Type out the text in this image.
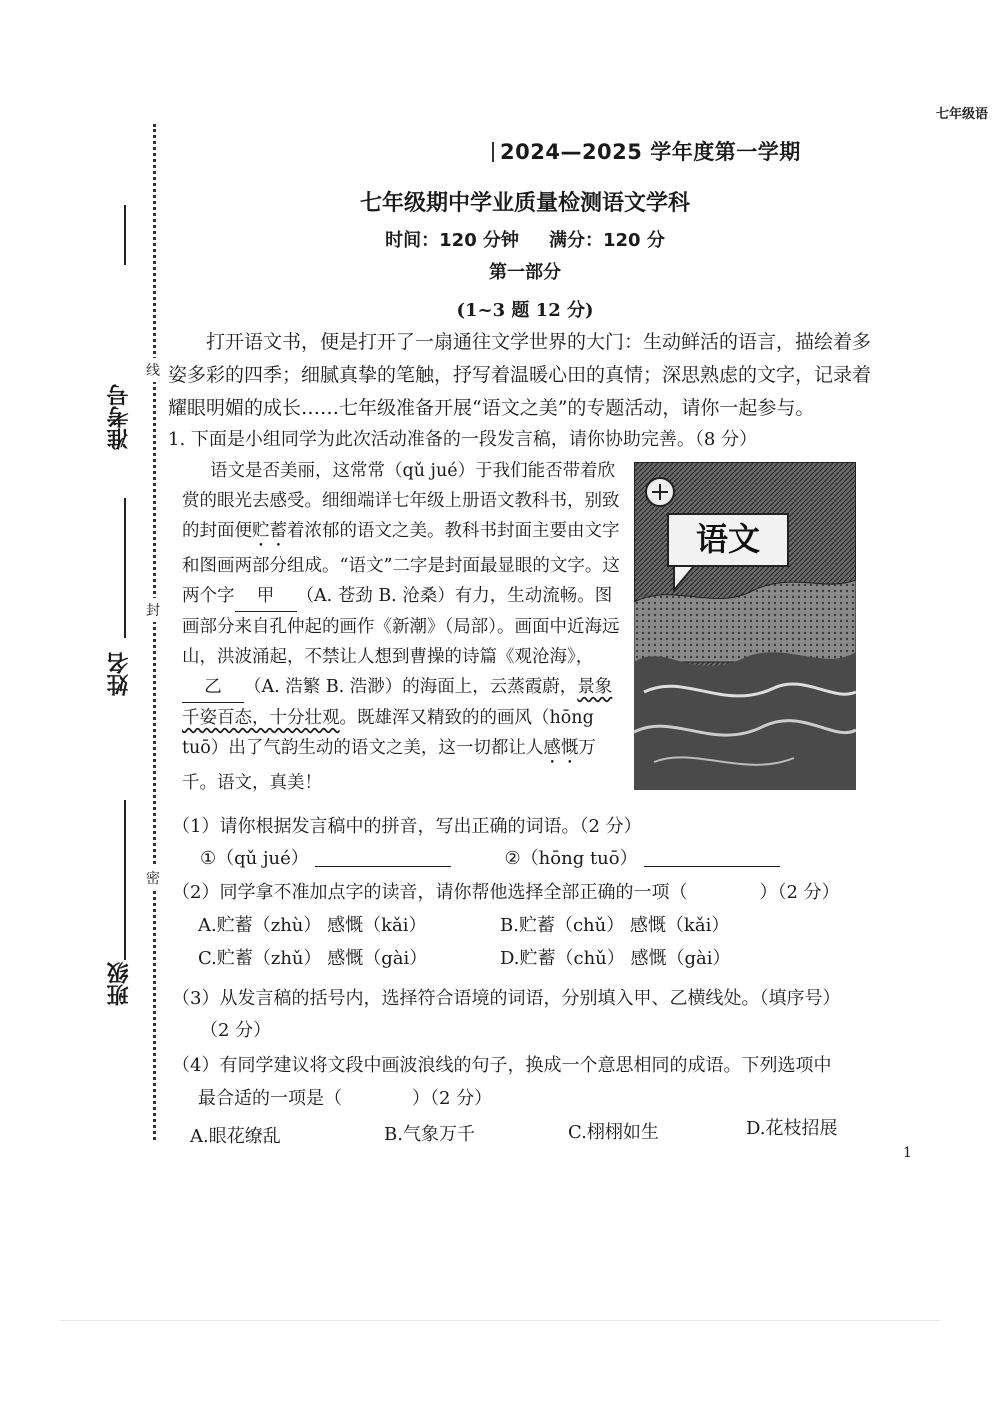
七年级语
线
封
密
准考号
姓名
班级
2024—2025 学年度第一学期
七年级期中学业质量检测语文学科
时间：120 分钟 满分：120 分
第一部分
(1~3 题 12 分)
打开语文书，便是打开了一扇通往文学世界的大门：生动鲜活的语言，描绘着多姿多彩的四季；细腻真挚的笔触，抒写着温暖心田的真情；深思熟虑的文字，记录着耀眼明媚的成长……七年级准备开展“语文之美”的专题活动，请你一起参与。
1. 下面是小组同学为此次活动准备的一段发言稿，请你协助完善。（8 分）
语文是否美丽，这常常（qǔ jué）于我们能否带着欣赏的眼光去感受。细细端详七年级上册语文教科书，别致的封面便贮蓄着浓郁的语文之美。教科书封面主要由文字和图画两部分组成。“语文”二字是封面最显眼的文字。这两个字 甲 （A. 苍劲 B. 沧桑）有力，生动流畅。图画部分来自孔仲起的画作《新潮》（局部）。画面中近海远山，洪波涌起，不禁让人想到曹操的诗篇《观沧海》，乙 （A. 浩繁 B. 浩渺）的海面上，云蒸霞蔚，景象千姿百态，十分壮观。既雄浑又精致的的画风（hōng tuō）出了气韵生动的语文之美，这一切都让人感慨万千。语文，真美！
语文
（1）请你根据发言稿中的拼音，写出正确的词语。（2 分）
①（qǔ jué）	②（hōng tuō）
（2）同学拿不准加点字的读音，请你帮他选择全部正确的一项（	）（2 分）
A.贮蓄（zhù） 感慨（kǎi）	B.贮蓄（chǔ） 感慨（kǎi）
C.贮蓄（zhǔ） 感慨（gài）	D.贮蓄（chǔ） 感慨（gài）
（3）从发言稿的括号内，选择符合语境的词语，分别填入甲、乙横线处。（填序号）
（2 分）
（4）有同学建议将文段中画波浪线的句子，换成一个意思相同的成语。下列选项中
最合适的一项是（	）（2 分）
A.眼花缭乱	B.气象万千	C.栩栩如生	D.花枝招展
1
